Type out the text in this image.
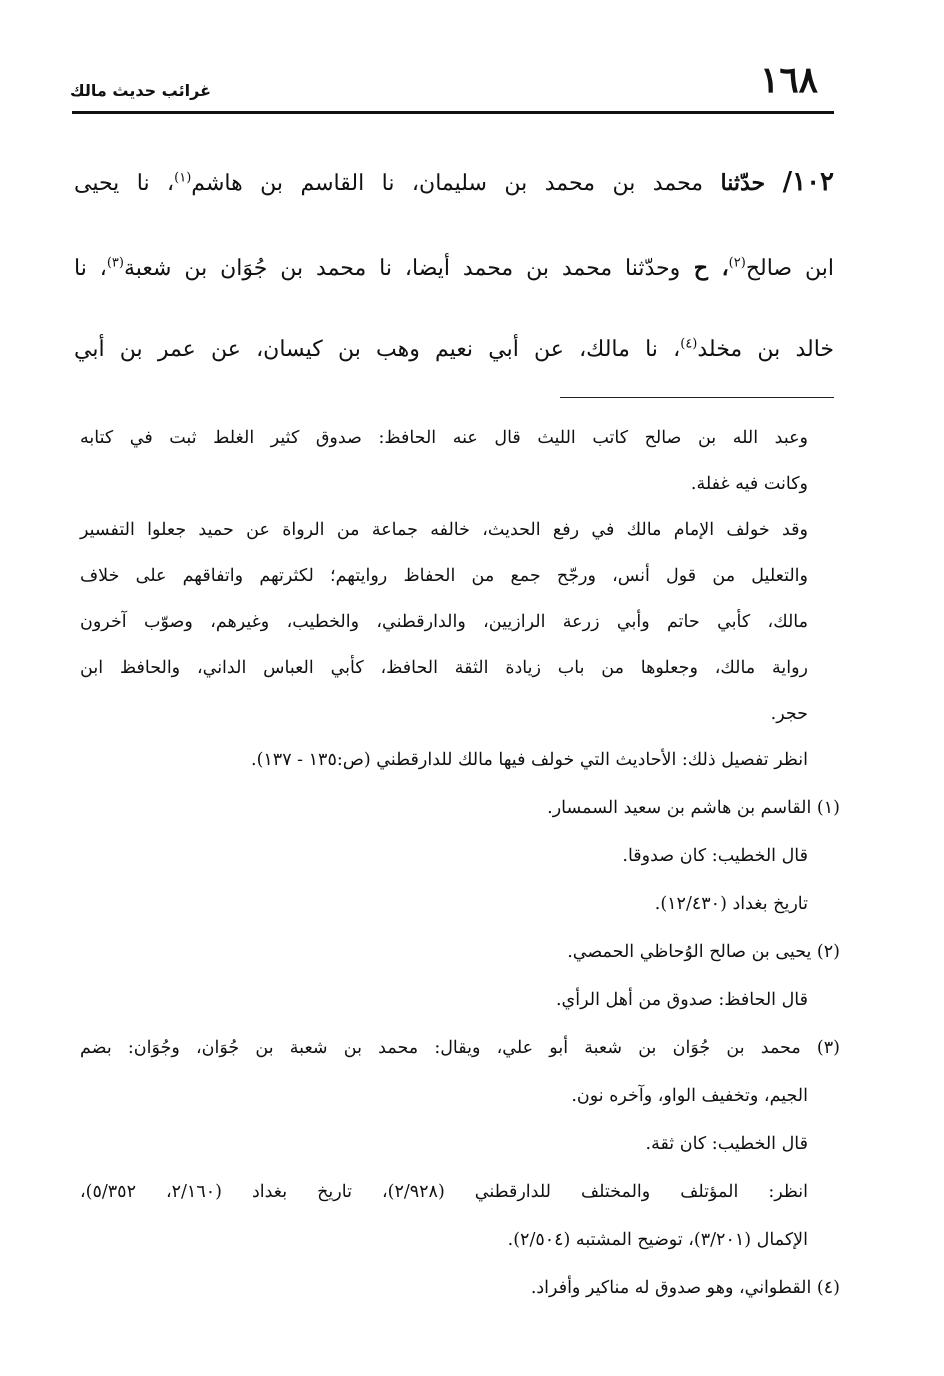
١٦٨
غرائب حديث مالك
١٠٢/ حدّثنا محمد بن محمد بن سليمان، نا القاسم بن هاشم$^{(١)}$، نا يحيى
ابن صالح$^{(٢)}$، ح وحدّثنا محمد بن محمد أيضا، نا محمد بن جُوَان بن شعبة$^{(٣)}$، نا
خالد بن مخلد$^{(٤)}$، نا مالك، عن أبي نعيم وهب بن كيسان، عن عمر بن أبي
وعبد الله بن صالح كاتب الليث قال عنه الحافظ: صدوق كثير الغلط ثبت في كتابه
وكانت فيه غفلة.
وقد خولف الإمام مالك في رفع الحديث، خالفه جماعة من الرواة عن حميد جعلوا التفسير
والتعليل من قول أنس، ورجّح جمع من الحفاظ روايتهم؛ لكثرتهم واتفاقهم على خلاف
مالك، كأبي حاتم وأبي زرعة الرازيين، والدارقطني، والخطيب، وغيرهم، وصوّب آخرون
رواية مالك، وجعلوها من باب زيادة الثقة الحافظ، كأبي العباس الداني، والحافظ ابن
حجر.
انظر تفصيل ذلك: الأحاديث التي خولف فيها مالك للدارقطني (ص:١٣٥ - ١٣٧).
(١) القاسم بن هاشم بن سعيد السمسار.
قال الخطيب: كان صدوقا.
تاريخ بغداد (١٢/٤٣٠).
(٢) يحيى بن صالح الوُحاظي الحمصي.
قال الحافظ: صدوق من أهل الرأي.
(٣) محمد بن جُوَان بن شعبة أبو علي، ويقال: محمد بن شعبة بن جُوَان، وجُوَان: بضم
الجيم، وتخفيف الواو، وآخره نون.
قال الخطيب: كان ثقة.
انظر: المؤتلف والمختلف للدارقطني (٢/٩٢٨)، تاريخ بغداد (٢/١٦٠، ٥/٣٥٢)،
الإكمال (٣/٢٠١)، توضيح المشتبه (٢/٥٠٤).
(٤) القطواني، وهو صدوق له مناكير وأفراد.
